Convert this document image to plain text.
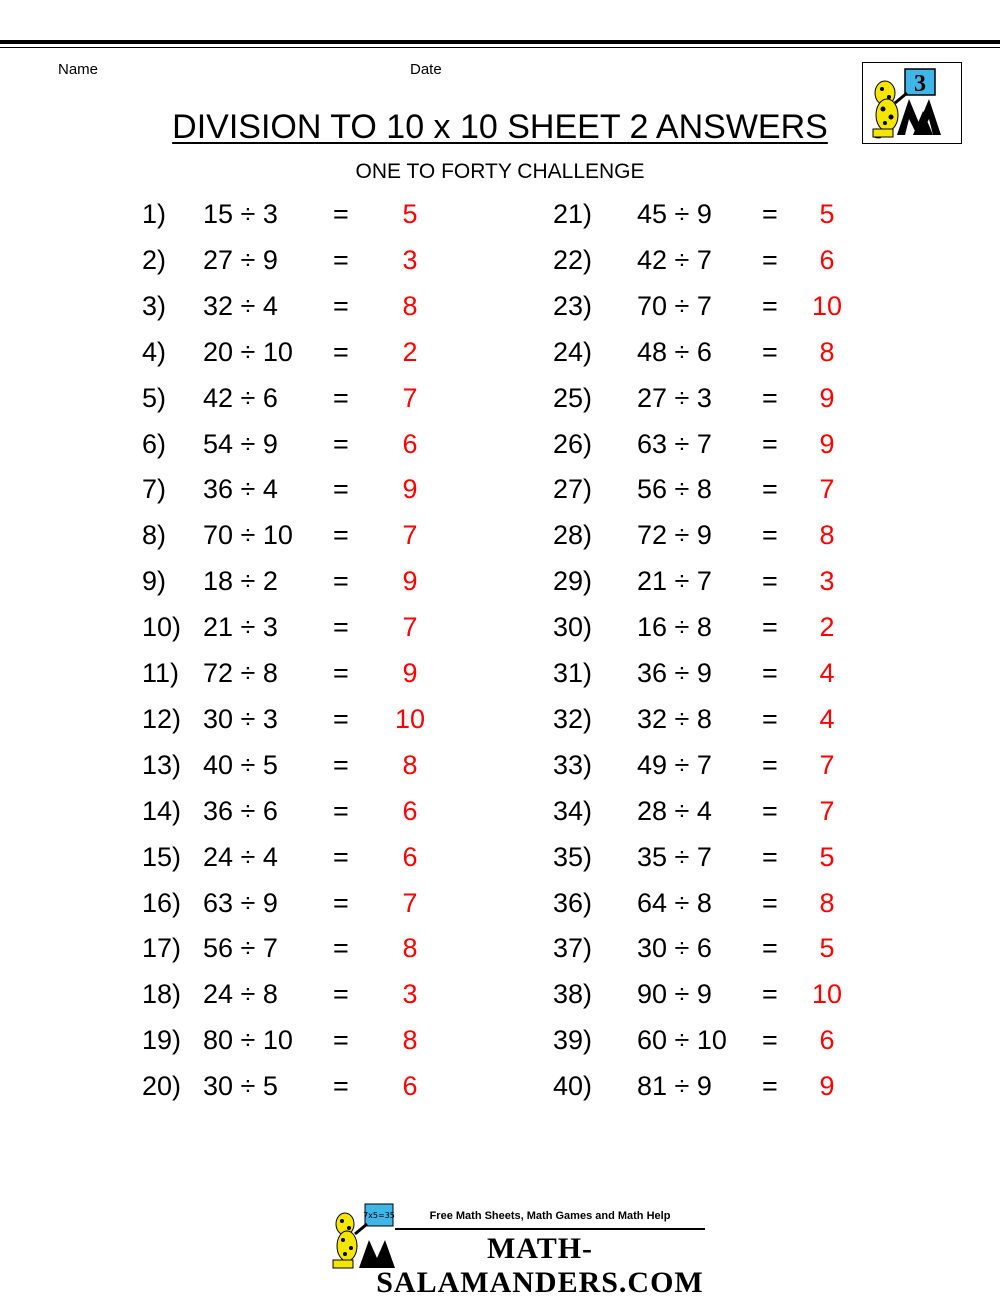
Name	Date
3
DIVISION TO 10 x 10 SHEET 2 ANSWERS
ONE TO FORTY CHALLENGE
1) 15 ÷ 3 =	5
2) 27 ÷ 9 =	3
3) 32 ÷ 4 =	8
4) 20 ÷ 10 =	2
5) 42 ÷ 6 =	7
6) 54 ÷ 9 =	6
7) 36 ÷ 4 =	9
8) 70 ÷ 10 =	7
9) 18 ÷ 2 =	9
10) 21 ÷ 3 =	7
11) 72 ÷ 8 =	9
12) 30 ÷ 3 =	10
13) 40 ÷ 5 =	8
14) 36 ÷ 6 =	6
15) 24 ÷ 4 =	6
16) 63 ÷ 9 =	7
17) 56 ÷ 7 =	8
18) 24 ÷ 8 =	3
19) 80 ÷ 10 =	8
20) 30 ÷ 5 =	6
21) 45 ÷ 9 =	5
22) 42 ÷ 7 =	6
23) 70 ÷ 7 =	10
24) 48 ÷ 6 =	8
25) 27 ÷ 3 =	9
26) 63 ÷ 7 =	9
27) 56 ÷ 8 =	7
28) 72 ÷ 9 =	8
29) 21 ÷ 7 =	3
30) 16 ÷ 8 =	2
31) 36 ÷ 9 =	4
32) 32 ÷ 8 =	4
33) 49 ÷ 7 =	7
34) 28 ÷ 4 =	7
35) 35 ÷ 7 =	5
36) 64 ÷ 8 =	8
37) 30 ÷ 6 =	5
38) 90 ÷ 9 =	10
39) 60 ÷ 10 =	6
40) 81 ÷ 9 =	9
7x5=35	Free Math Sheets, Math Games and Math Help
MATH-SALAMANDERS.COM
